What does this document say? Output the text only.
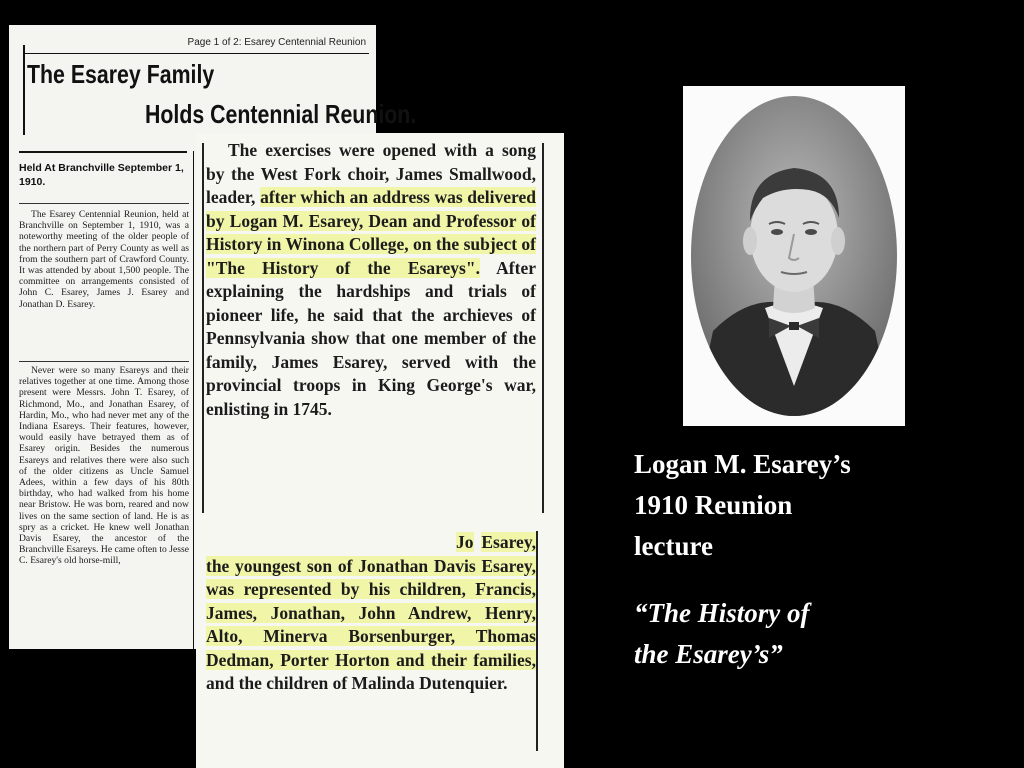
Page 1 of 2: Esarey Centennial Reunion
The Esarey Family
Holds Centennial Reunion.
Held At Branchville September 1, 1910.

The Esarey Centennial Reunion, held at Branchville on September 1, 1910, was a noteworthy meeting of the older people of the northern part of Perry County as well as from the southern part of Crawford County. It was attended by about 1,500 people. The committee on arrangements consisted of John C. Esarey, James J. Esarey and Jonathan D. Esarey.

Never were so many Esareys and their relatives together at one time. Among those present were Messrs. John T. Esarey, of Richmond, Mo., and Jonathan Esarey, of Hardin, Mo., who had never met any of the Indiana Esareys. Their features, however, would easily have betrayed them as of Esarey origin. Besides the numerous Esareys and relatives there were also such of the older citizens as Uncle Samuel Adees, within a few days of his 80th birthday, who had walked from his home near Bristow. He was born, reared and now lives on the same section of land. He is as spry as a cricket. He knew well Jonathan Davis Esarey, the ancestor of the Branchville Esareys. He came often to Jesse C. Esarey's old horse-mill,

The exercises were opened with a song by the West Fork choir, James Smallwood, leader, after which an address was delivered by Logan M. Esarey, Dean and Professor of History in Winona College, on the subject of "The History of the Esareys". After explaining the hardships and trials of pioneer life, he said that the archieves of Pennsylvania show that one member of the family, James Esarey, served with the provincial troops in King George's war, enlisting in 1745.

Jo Esarey, the youngest son of Jonathan Davis Esarey, was represented by his children, Francis, James, Jonathan, John Andrew, Henry, Alto, Minerva Borsenburger, Thomas Dedman, Porter Horton and their families, and the children of Malinda Dutenquier.

Logan M. Esarey’s
1910 Reunion
lecture
“The History of
the Esarey’s”
